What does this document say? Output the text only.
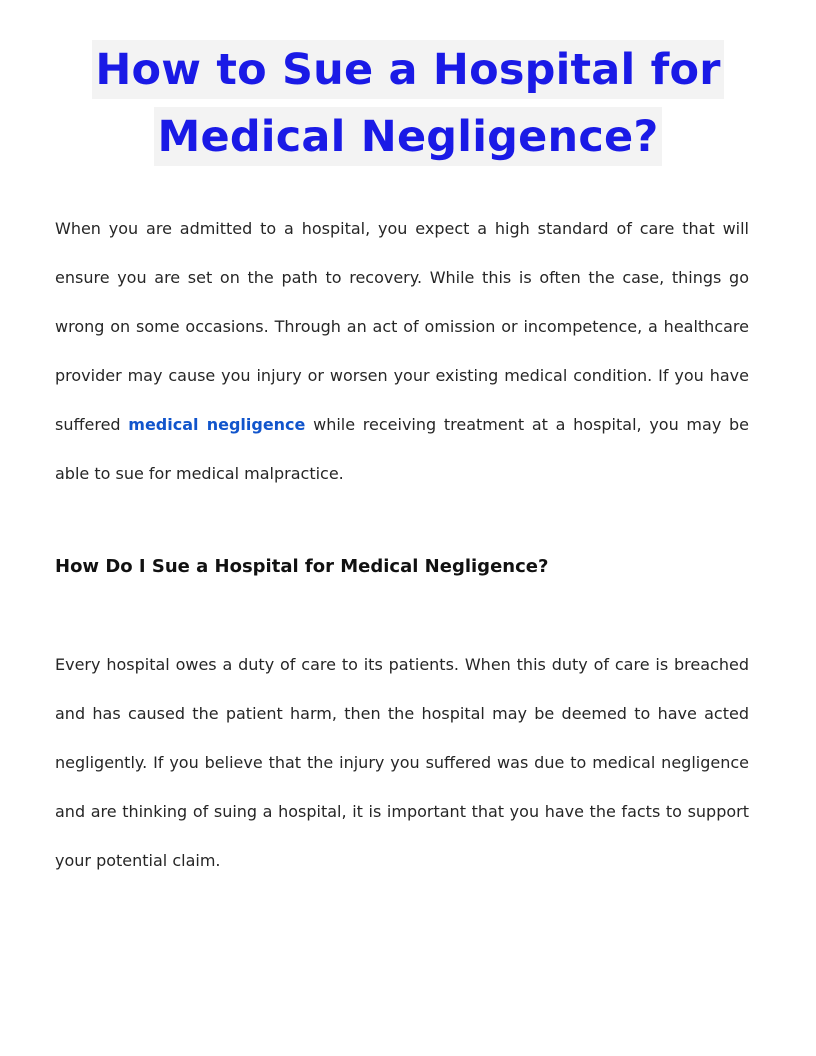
How to Sue a Hospital for
Medical Negligence?

When you are admitted to a hospital, you expect a high standard of care that will ensure you are set on the path to recovery. While this is often the case, things go wrong on some occasions. Through an act of omission or incompetence, a healthcare provider may cause you injury or worsen your existing medical condition. If you have suffered medical negligence while receiving treatment at a hospital, you may be able to sue for medical malpractice.

How Do I Sue a Hospital for Medical Negligence?

Every hospital owes a duty of care to its patients. When this duty of care is breached and has caused the patient harm, then the hospital may be deemed to have acted negligently. If you believe that the injury you suffered was due to medical negligence and are thinking of suing a hospital, it is important that you have the facts to support your potential claim.
